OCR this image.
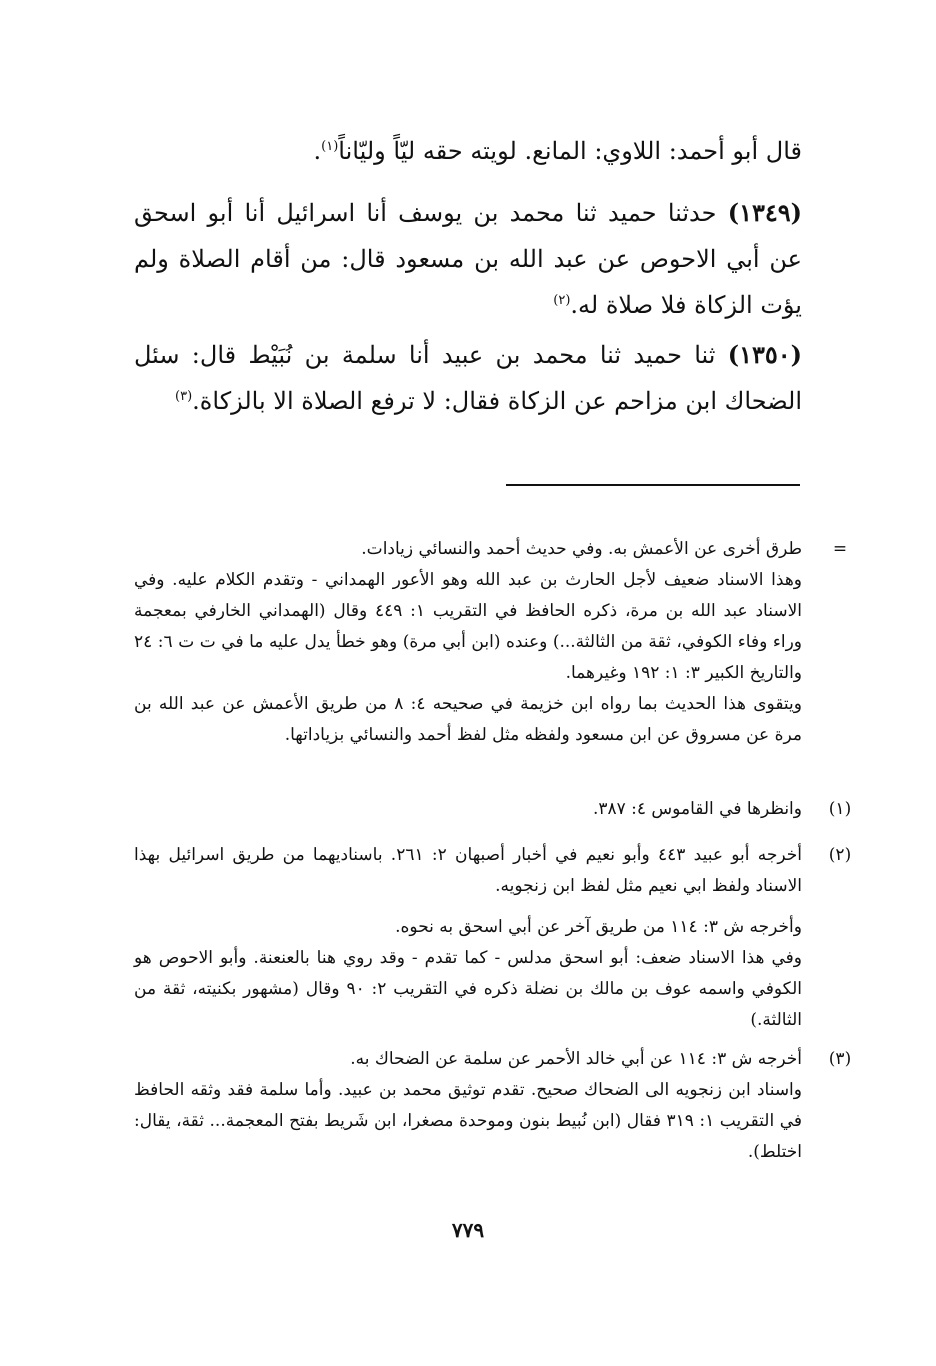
قال أبو أحمد: اللاوي: المانع. لويته حقه ليّاً وليّاناً$^{(١)}$.
(١٣٤٩) حدثنا حميد ثنا محمد بن يوسف أنا اسرائيل أنا أبو اسحق عن أبي الاحوص عن عبد الله بن مسعود قال: من أقام الصلاة ولم يؤت الزكاة فلا صلاة له.$^{(٢)}$
(١٣٥٠) ثنا حميد ثنا محمد بن عبيد أنا سلمة بن نُبَيْط قال: سئل الضحاك ابن مزاحم عن الزكاة فقال: لا ترفع الصلاة الا بالزكاة.$^{(٣)}$
=

طرق أخرى عن الأعمش به. وفي حديث أحمد والنسائي زيادات.

وهذا الاسناد ضعيف لأجل الحارث بن عبد الله وهو الأعور الهمداني - وتقدم الكلام عليه. وفي الاسناد عبد الله بن مرة، ذكره الحافظ في التقريب ١: ٤٤٩ وقال (الهمداني الخارفي بمعجمة وراء وفاء الكوفي، ثقة من الثالثة...) وعنده (ابن أبي مرة) وهو خطأ يدل عليه ما في ت ت ٦: ٢٤ والتاريخ الكبير ٣: ١: ١٩٢ وغيرهما.

ويتقوى هذا الحديث بما رواه ابن خزيمة في صحيحه ٤: ٨ من طريق الأعمش عن عبد الله بن مرة عن مسروق عن ابن مسعود ولفظه مثل لفظ أحمد والنسائي بزياداتها.

(١)

وانظرها في القاموس ٤: ٣٨٧.

(٢)

أخرجه أبو عبيد ٤٤٣ وأبو نعيم في أخبار أصبهان ٢: ٢٦١. باسناديهما من طريق اسرائيل بهذا الاسناد ولفظ ابي نعيم مثل لفظ ابن زنجويه.

وأخرجه ش ٣: ١١٤ من طريق آخر عن أبي اسحق به نحوه.

وفي هذا الاسناد ضعف: أبو اسحق مدلس - كما تقدم - وقد روي هنا بالعنعنة. وأبو الاحوص هو الكوفي واسمه عوف بن مالك بن نضلة ذكره في التقريب ٢: ٩٠ وقال (مشهور بكنيته، ثقة من الثالثة.)

(٣)

أخرجه ش ٣: ١١٤ عن أبي خالد الأحمر عن سلمة عن الضحاك به.

واسناد ابن زنجويه الى الضحاك صحيح. تقدم توثيق محمد بن عبيد. وأما سلمة فقد وثقه الحافظ في التقريب ١: ٣١٩ فقال (ابن نُبيط بنون وموحدة مصغرا، ابن شَريط بفتح المعجمة... ثقة، يقال: اختلط).

٧٧٩
